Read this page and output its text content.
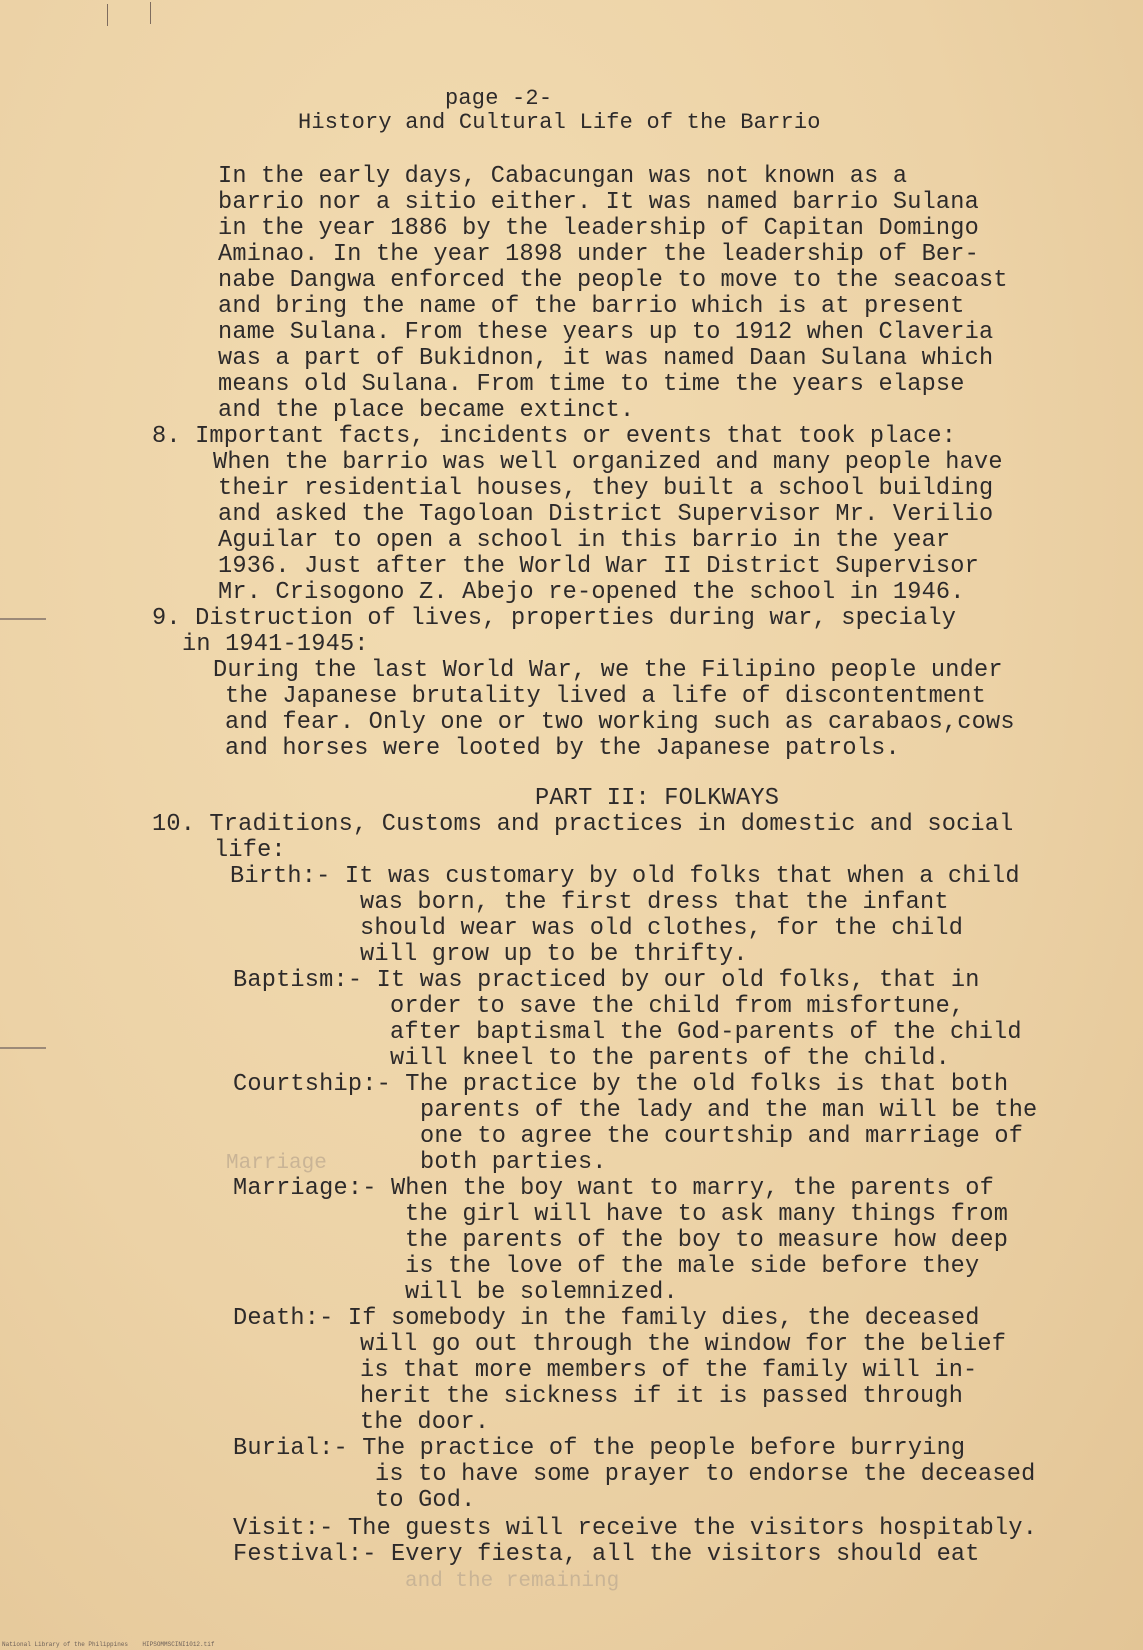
page -2-
History and Cultural Life of the Barrio
In the early days, Cabacungan was not known as a
barrio nor a sitio either. It was named barrio Sulana
in the year 1886 by the leadership of Capitan Domingo
Aminao. In the year 1898 under the leadership of Ber-
nabe Dangwa enforced the people to move to the seacoast
and bring the name of the barrio which is at present
name Sulana. From these years up to 1912 when Claveria
was a part of Bukidnon, it was named Daan Sulana which
means old Sulana. From time to time the years elapse
and the place became extinct.
8. Important facts, incidents or events that took place:
When the barrio was well organized and many people have
their residential houses, they built a school building
and asked the Tagoloan District Supervisor Mr. Verilio
Aguilar to open a school in this barrio in the year
1936. Just after the World War II District Supervisor
Mr. Crisogono Z. Abejo re-opened the school in 1946.
9. Distruction of lives, properties during war, specialy
in 1941-1945:
During the last World War, we the Filipino people under
the Japanese brutality lived a life of discontentment
and fear. Only one or two working such as carabaos,cows
and horses were looted by the Japanese patrols.
PART II: FOLKWAYS
10. Traditions, Customs and practices in domestic and social
life:
Birth:- It was customary by old folks that when a child
was born, the first dress that the infant
should wear was old clothes, for the child
will grow up to be thrifty.
Baptism:- It was practiced by our old folks, that in
order to save the child from misfortune,
after baptismal the God-parents of the child
will kneel to the parents of the child.
Courtship:- The practice by the old folks is that both
parents of the lady and the man will be the
one to agree the courtship and marriage of
Marriage	both parties.
Marriage:- When the boy want to marry, the parents of
the girl will have to ask many things from
the parents of the boy to measure how deep
is the love of the male side before they
will be solemnized.
Death:- If somebody in the family dies, the deceased
will go out through the window for the belief
is that more members of the family will in-
herit the sickness if it is passed through
the door.
Burial:- The practice of the people before burrying
is to have some prayer to endorse the deceased
to God.
Visit:- The guests will receive the visitors hospitably.
Festival:- Every fiesta, all the visitors should eat
and the remaining
National Library of the Philippines    HIPSOMMSCINI1012.tif
